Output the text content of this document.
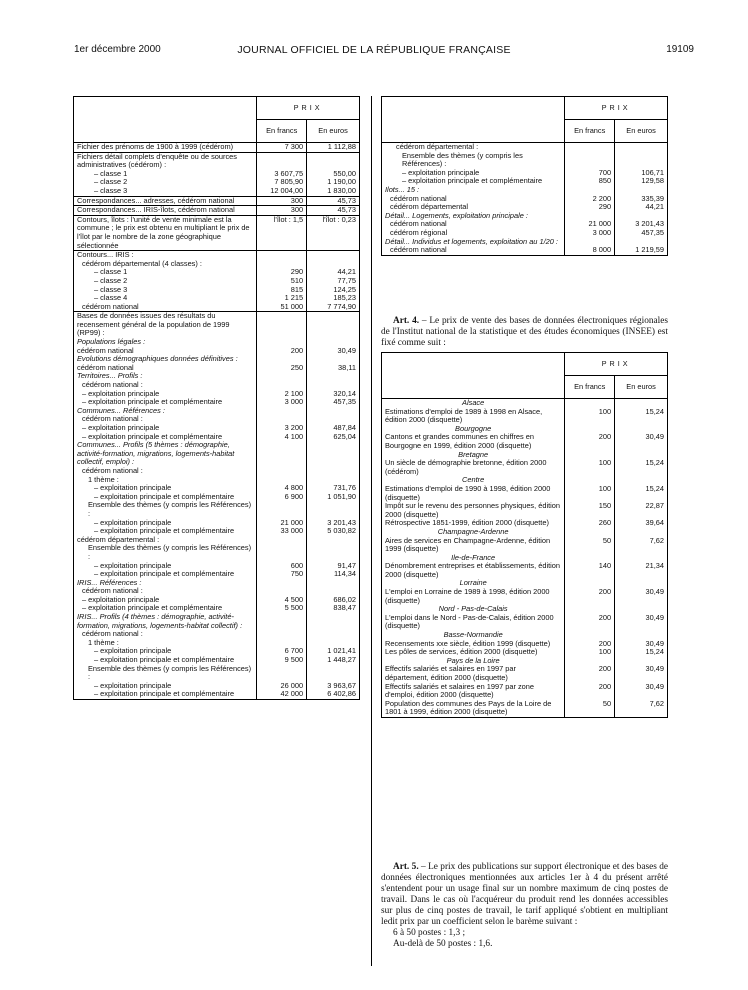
1er décembre 2000	JOURNAL OFFICIEL DE LA RÉPUBLIQUE FRANÇAISE	19109
	PRIX	
	En francs	En euros
Fichier des prénoms de 1900 à 1999 (cédérom)	7 300	1 112,88
Fichiers détail complets d'enquête ou de sources administratives (cédérom) :		
– classe 1	3 607,75	550,00
– classe 2	7 805,90	1 190,00
– classe 3	12 004,00	1 830,00
Correspondances... adresses, cédérom national	300	45,73
Correspondances... IRIS-îlots, cédérom national	300	45,73
Contours, îlots : l'unité de vente minimale est la commune ; le prix est obtenu en multipliant le prix de l'îlot par le nombre de la zone géographique sélectionnée	l'îlot : 1,5	l'îlot : 0,23
Contours... IRIS :		
cédérom départemental (4 classes) :		
– classe 1	290	44,21
– classe 2	510	77,75
– classe 3	815	124,25
– classe 4	1 215	185,23
cédérom national	51 000	7 774,90
Bases de données issues des résultats du recensement général de la population de 1999 (RP99) :		
Populations légales :		
cédérom national	200	30,49
Evolutions démographiques données définitives :		
cédérom national	250	38,11
Territoires... Profils :		
cédérom national :		
– exploitation principale	2 100	320,14
– exploitation principale et complémentaire	3 000	457,35
Communes... Références :		
cédérom national :		
– exploitation principale	3 200	487,84
– exploitation principale et complémentaire	4 100	625,04
Communes... Profils (5 thèmes : démographie, activité-formation, migrations, logements-habitat collectif, emploi) :		
cédérom national :		
1 thème :		
– exploitation principale	4 800	731,76
– exploitation principale et complémentaire	6 900	1 051,90
Ensemble des thèmes (y compris les Références) :		
– exploitation principale	21 000	3 201,43
– exploitation principale et complémentaire	33 000	5 030,82
cédérom départemental :		
Ensemble des thèmes (y compris les Références) :		
– exploitation principale	600	91,47
– exploitation principale et complémentaire	750	114,34
IRIS... Références :		
cédérom national :		
– exploitation principale	4 500	686,02
– exploitation principale et complémentaire	5 500	838,47
IRIS... Profils (4 thèmes : démographie, activité-formation, migrations, logements-habitat collectif) :		
cédérom national :		
1 thème :		
– exploitation principale	6 700	1 021,41
– exploitation principale et complémentaire	9 500	1 448,27
Ensemble des thèmes (y compris les Références) :		
– exploitation principale	26 000	3 963,67
– exploitation principale et complémentaire	42 000	6 402,86
	PRIX	
	En francs	En euros
cédérom départemental :		
Ensemble des thèmes (y compris les Références) :		
– exploitation principale	700	106,71
– exploitation principale et complémentaire	850	129,58
Ilots... 15 :		
cédérom national	2 200	335,39
cédérom départemental	290	44,21
Détail... Logements, exploitation principale :		
cédérom national	21 000	3 201,43
cédérom régional	3 000	457,35
Détail... Individus et logements, exploitation au 1/20 :		
cédérom national	8 000	1 219,59
Art. 4. – Le prix de vente des bases de données électroniques régionales de l'Institut national de la statistique et des études économiques (INSEE) est fixé comme suit :
	PRIX	
	En francs	En euros
Alsace		
Estimations d'emploi de 1989 à 1998 en Alsace, édition 2000 (disquette)	100	15,24
Bourgogne		
Cantons et grandes communes en chiffres en Bourgogne en 1999, édition 2000 (disquette)	200	30,49
Bretagne		
Un siècle de démographie bretonne, édition 2000 (cédérom)	100	15,24
Centre		
Estimations d'emploi de 1990 à 1998, édition 2000 (disquette)	100	15,24
Impôt sur le revenu des personnes physiques, édition 2000 (disquette)	150	22,87
Rétrospective 1851-1999, édition 2000 (disquette)	260	39,64
Champagne-Ardenne		
Aires de services en Champagne-Ardenne, édition 1999 (disquette)	50	7,62
Ile-de-France		
Dénombrement entreprises et établissements, édition 2000 (disquette)	140	21,34
Lorraine		
L'emploi en Lorraine de 1989 à 1998, édition 2000 (disquette)	200	30,49
Nord - Pas-de-Calais		
L'emploi dans le Nord - Pas-de-Calais, édition 2000 (disquette)	200	30,49
Basse-Normandie		
Recensements xxe siècle, édition 1999 (disquette)	200	30,49
Les pôles de services, édition 2000 (disquette)	100	15,24
Pays de la Loire		
Effectifs salariés et salaires en 1997 par département, édition 2000 (disquette)	200	30,49
Effectifs salariés et salaires en 1997 par zone d'emploi, édition 2000 (disquette)	200	30,49
Population des communes des Pays de la Loire de 1801 à 1999, édition 2000 (disquette)	50	7,62
Art. 5. – Le prix des publications sur support électronique et des bases de données électroniques mentionnées aux articles 1er à 4 du présent arrêté s'entendent pour un usage final sur un nombre maximum de cinq postes de travail. Dans le cas où l'acquéreur du produit rend les données accessibles sur plus de cinq postes de travail, le tarif appliqué s'obtient en multipliant ledit prix par un coefficient selon le barème suivant :
6 à 50 postes : 1,3 ;
Au-delà de 50 postes : 1,6.
